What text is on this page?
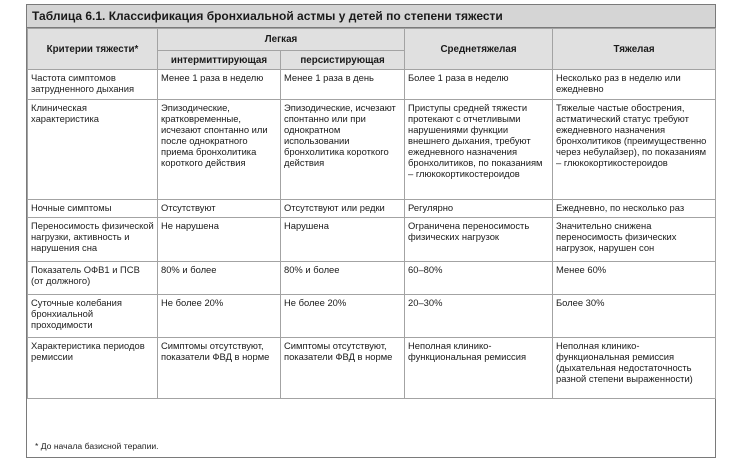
Таблица 6.1. Классификация бронхиальной астмы у детей по степени тяжести
Критерии тяжести*	Легкая		Среднетяжелая	Тяжелая
	интермиттирующая	персистирующая		
Частота симптомов затрудненного дыхания	Менее 1 раза в неделю	Менее 1 раза в день	Более 1 раза в неделю	Несколько раз в неделю или ежедневно
Клиническая характеристика	Эпизодические, кратковременные, исчезают спонтанно или после однократного приема бронхолитика короткого действия	Эпизодические, исчезают спонтанно или при однократном использовании бронхолитика короткого действия	Приступы средней тяжести протекают с отчетливыми нарушениями функции внешнего дыхания, требуют ежедневного назначения бронхолитиков, по показаниям – глюкокортикостероидов	Тяжелые частые обострения, астматический статус требуют ежедневного назначения бронхолитиков (преимущественно через небулайзер), по показаниям – глюкокортикостероидов
Ночные симптомы	Отсутствуют	Отсутствуют или редки	Регулярно	Ежедневно, по несколько раз
Переносимость физической нагрузки, активность и нарушения сна	Не нарушена	Нарушена	Ограничена переносимость физических нагрузок	Значительно снижена переносимость физических нагрузок, нарушен сон
Показатель ОФВ1 и ПСВ (от должного)	80% и более	80% и более	60–80%	Менее 60%
Суточные колебания бронхиальной проходимости	Не более 20%	Не более 20%	20–30%	Более 30%
Характеристика периодов ремиссии	Симптомы отсутствуют, показатели ФВД в норме	Симптомы отсутствуют, показатели ФВД в норме	Неполная клинико-функциональная ремиссия	Неполная клинико-функциональная ремиссия (дыхательная недостаточность разной степени выраженности)
* До начала базисной терапии.
